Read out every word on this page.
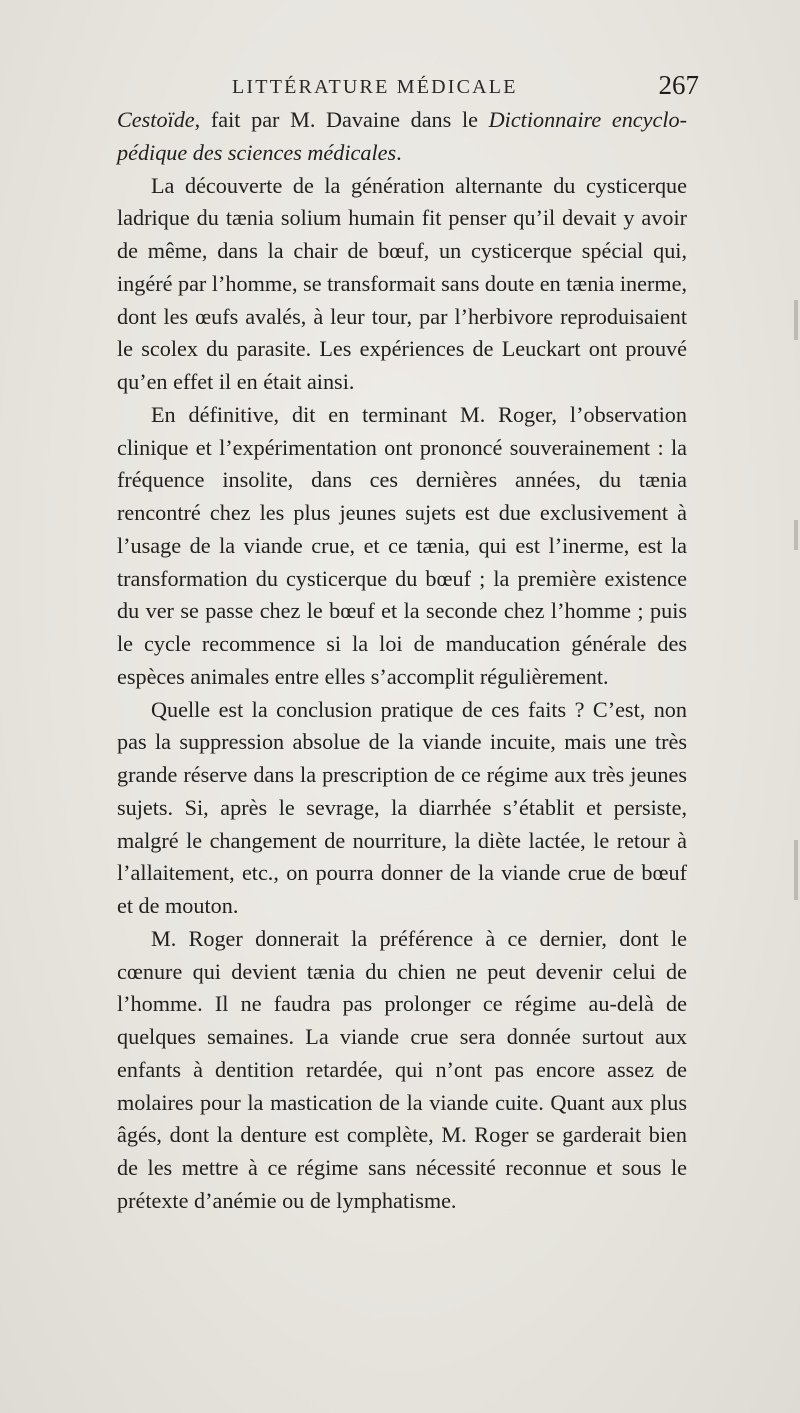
LITTÉRATURE MÉDICALE	267

Cestoïde, fait par M. Davaine dans le Dictionnaire encyclo-pédique des sciences médicales.

La découverte de la génération alternante du cysticerque ladrique du tænia solium humain fit penser qu’il devait y avoir de même, dans la chair de bœuf, un cysticerque spécial qui, ingéré par l’homme, se transformait sans doute en tænia inerme, dont les œufs avalés, à leur tour, par l’herbivore reproduisaient le scolex du parasite. Les expériences de Leuckart ont prouvé qu’en effet il en était ainsi.

En définitive, dit en terminant M. Roger, l’observation clinique et l’expérimentation ont prononcé souverainement : la fréquence insolite, dans ces dernières années, du tænia rencontré chez les plus jeunes sujets est due exclusivement à l’usage de la viande crue, et ce tænia, qui est l’inerme, est la transformation du cysticerque du bœuf ; la première existence du ver se passe chez le bœuf et la seconde chez l’homme ; puis le cycle recommence si la loi de manducation générale des espèces animales entre elles s’accomplit régulièrement.

Quelle est la conclusion pratique de ces faits ? C’est, non pas la suppression absolue de la viande incuite, mais une très grande réserve dans la prescription de ce régime aux très jeunes sujets. Si, après le sevrage, la diarrhée s’établit et persiste, malgré le changement de nourriture, la diète lactée, le retour à l’allaitement, etc., on pourra donner de la viande crue de bœuf et de mouton.

M. Roger donnerait la préférence à ce dernier, dont le cœnure qui devient tænia du chien ne peut devenir celui de l’homme. Il ne faudra pas prolonger ce régime au-delà de quelques semaines. La viande crue sera donnée surtout aux enfants à dentition retardée, qui n’ont pas encore assez de molaires pour la mastication de la viande cuite. Quant aux plus âgés, dont la denture est complète, M. Roger se garderait bien de les mettre à ce régime sans nécessité reconnue et sous le prétexte d’anémie ou de lymphatisme.
